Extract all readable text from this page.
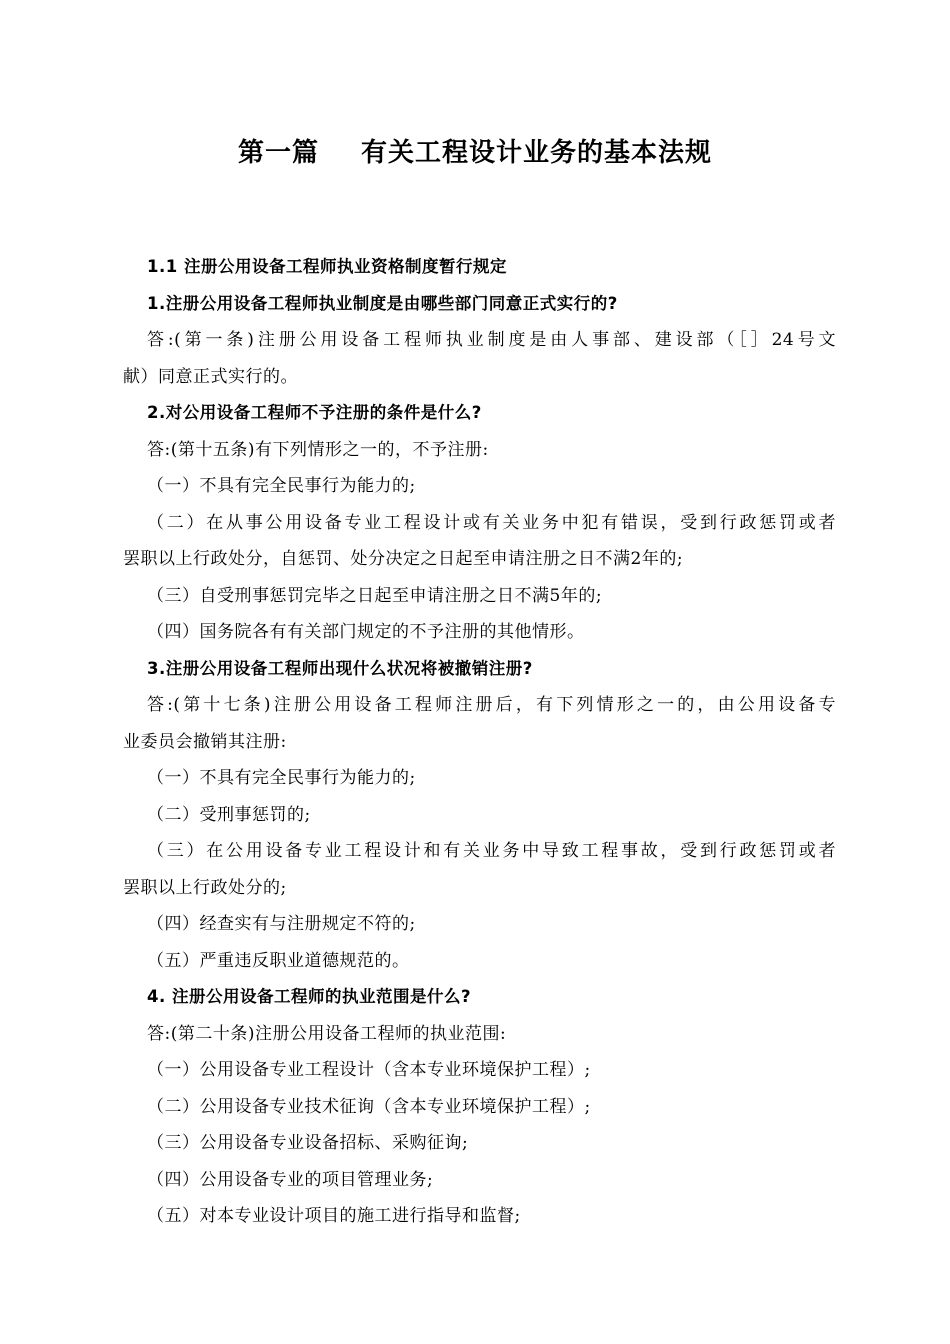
第一篇 有关工程设计业务的基本法规
1.1 注册公用设备工程师执业资格制度暂行规定
1.注册公用设备工程师执业制度是由哪些部门同意正式实行的?
答:(第一条)注册公用设备工程师执业制度是由人事部、建设部（［］24号文
献）同意正式实行的。
2.对公用设备工程师不予注册的条件是什么?
答:(第十五条)有下列情形之一的，不予注册:
（一）不具有完全民事行为能力的;
（二）在从事公用设备专业工程设计或有关业务中犯有错误，受到行政惩罚或者
罢职以上行政处分，自惩罚、处分决定之日起至申请注册之日不满2年的;
（三）自受刑事惩罚完毕之日起至申请注册之日不满5年的;
（四）国务院各有有关部门规定的不予注册的其他情形。
3.注册公用设备工程师出现什么状况将被撤销注册?
答:(第十七条)注册公用设备工程师注册后，有下列情形之一的，由公用设备专
业委员会撤销其注册:
（一）不具有完全民事行为能力的;
（二）受刑事惩罚的;
（三）在公用设备专业工程设计和有关业务中导致工程事故，受到行政惩罚或者
罢职以上行政处分的;
（四）经查实有与注册规定不符的;
（五）严重违反职业道德规范的。
4. 注册公用设备工程师的执业范围是什么?
答:(第二十条)注册公用设备工程师的执业范围:
（一）公用设备专业工程设计（含本专业环境保护工程）;
（二）公用设备专业技术征询（含本专业环境保护工程）;
（三）公用设备专业设备招标、采购征询;
（四）公用设备专业的项目管理业务;
（五）对本专业设计项目的施工进行指导和监督;
